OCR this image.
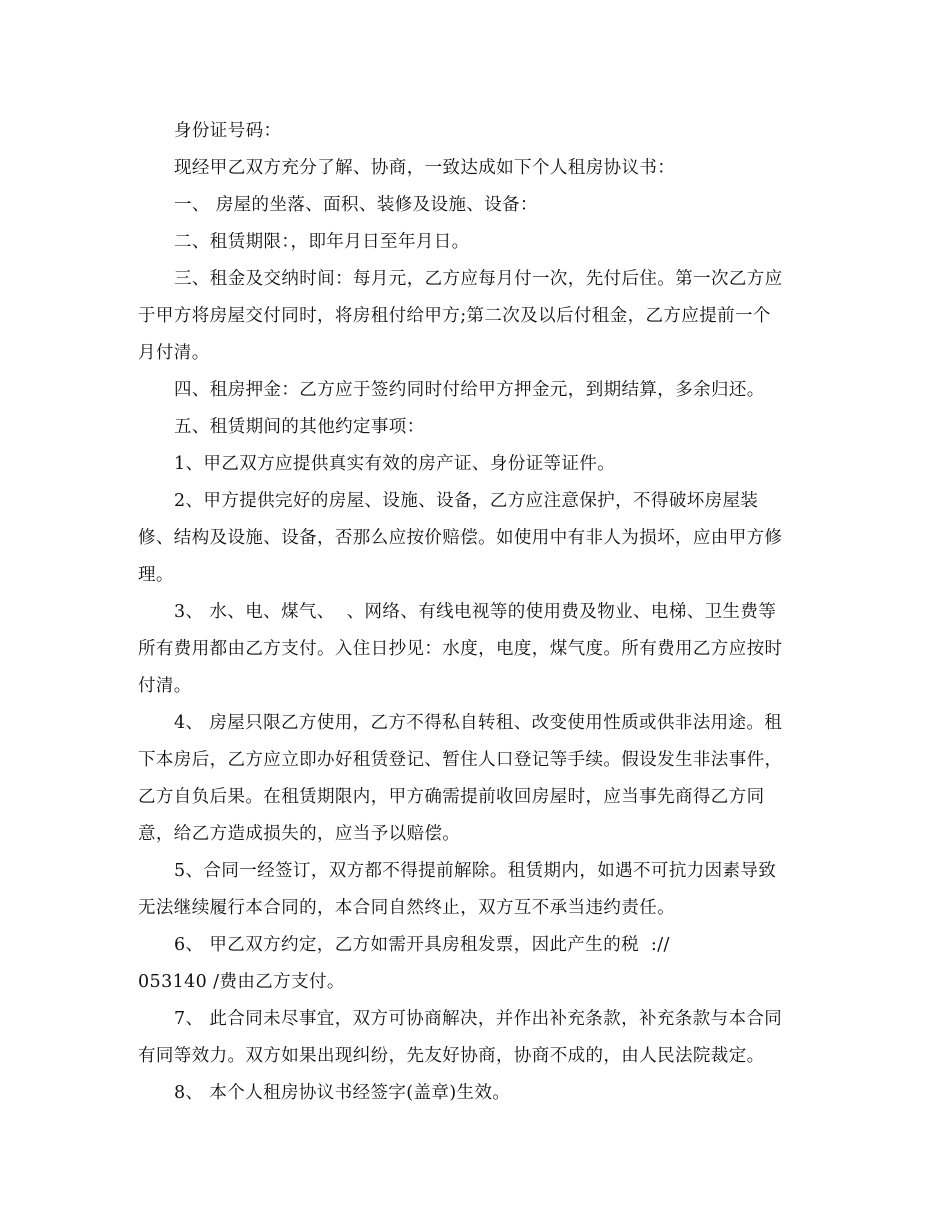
身份证号码：

现经甲乙双方充分了解、协商，一致达成如下个人租房协议书：

一、 房屋的坐落、面积、装修及设施、设备：

二、租赁期限：，即年月日至年月日。

三、租金及交纳时间：每月元，乙方应每月付一次，先付后住。第一次乙方应
于甲方将房屋交付同时，将房租付给甲方;第二次及以后付租金，乙方应提前一个
月付清。

四、租房押金：乙方应于签约同时付给甲方押金元，到期结算，多余归还。

五、租赁期间的其他约定事项：

1、甲乙双方应提供真实有效的房产证、身份证等证件。

2、甲方提供完好的房屋、设施、设备，乙方应注意保护，不得破坏房屋装
修、结构及设施、设备，否那么应按价赔偿。如使用中有非人为损坏，应由甲方修
理。

3、 水、电、煤气、  、网络、有线电视等的使用费及物业、电梯、卫生费等
所有费用都由乙方支付。入住日抄见：水度，电度，煤气度。所有费用乙方应按时
付清。

4、 房屋只限乙方使用，乙方不得私自转租、改变使用性质或供非法用途。租
下本房后，乙方应立即办好租赁登记、暂住人口登记等手续。假设发生非法事件，
乙方自负后果。在租赁期限内，甲方确需提前收回房屋时，应当事先商得乙方同
意，给乙方造成损失的，应当予以赔偿。

5、合同一经签订，双方都不得提前解除。租赁期内，如遇不可抗力因素导致
无法继续履行本合同的，本合同自然终止，双方互不承当违约责任。

6、 甲乙双方约定，乙方如需开具房租发票，因此产生的税  ://
053140 /费由乙方支付。

7、 此合同未尽事宜，双方可协商解决，并作出补充条款，补充条款与本合同
有同等效力。双方如果出现纠纷，先友好协商，协商不成的，由人民法院裁定。

8、 本个人租房协议书经签字(盖章)生效。
